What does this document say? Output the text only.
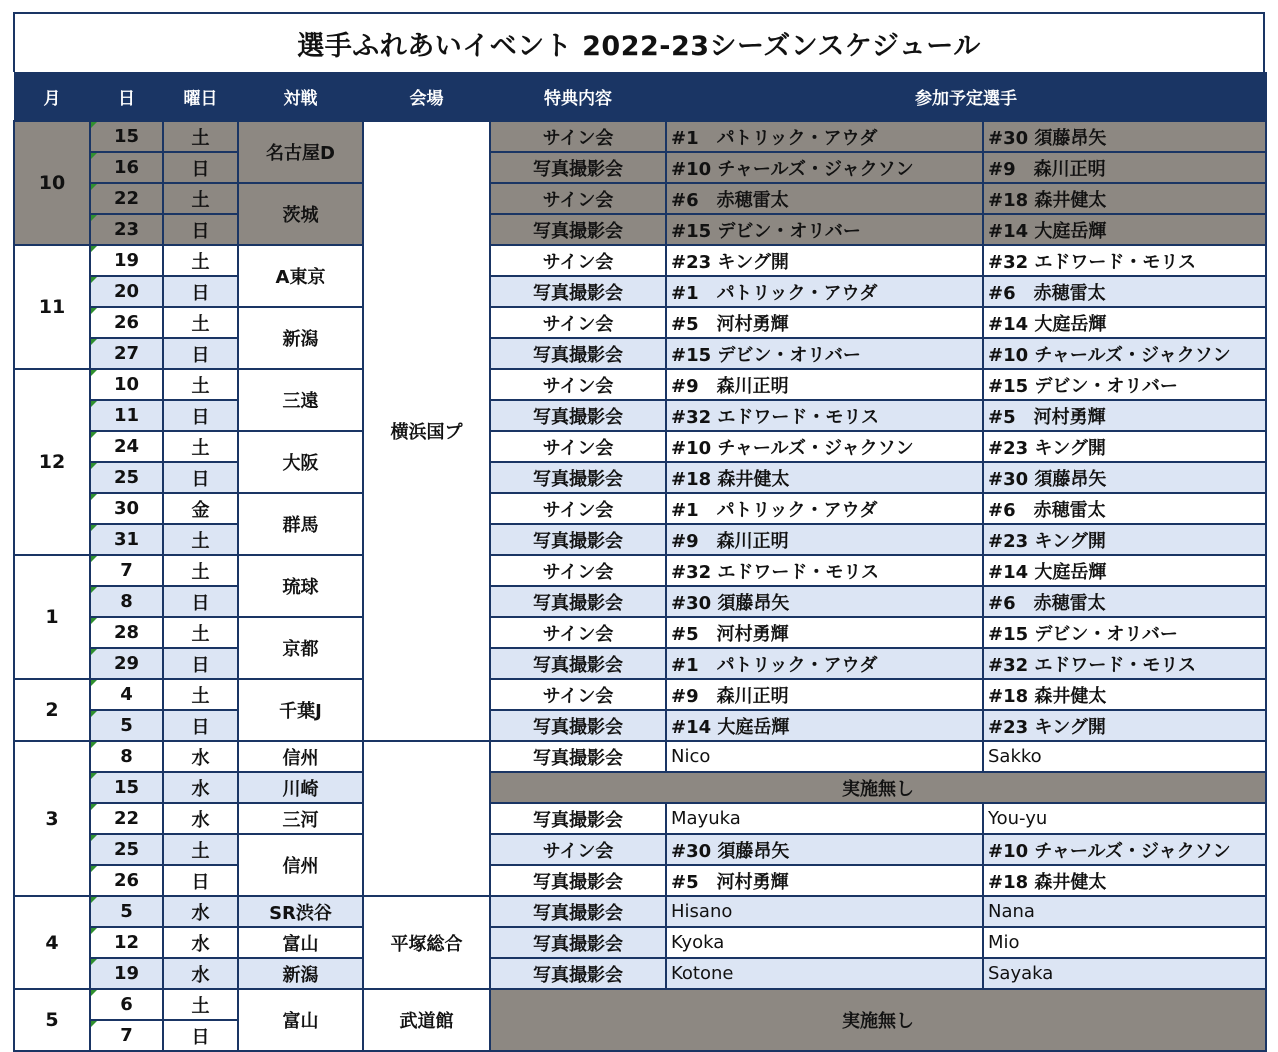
選手ふれあいイベント 2022-23シーズンスケジュール
月	日	曜日	対戦	会場	特典内容	参加予定選手	
10	15	土	名古屋D	横浜国プ	サイン会	#1　パトリック・アウダ	#30 須藤昂矢
	16	日			写真撮影会	#10 チャールズ・ジャクソン	#9　森川正明
	22	土	茨城		サイン会	#6　赤穂雷太	#18 森井健太
	23	日			写真撮影会	#15 デビン・オリバー	#14 大庭岳輝
11	19	土	A東京		サイン会	#23 キング開	#32 エドワード・モリス
	20	日			写真撮影会	#1　パトリック・アウダ	#6　赤穂雷太
	26	土	新潟		サイン会	#5　河村勇輝	#14 大庭岳輝
	27	日			写真撮影会	#15 デビン・オリバー	#10 チャールズ・ジャクソン
12	10	土	三遠		サイン会	#9　森川正明	#15 デビン・オリバー
	11	日			写真撮影会	#32 エドワード・モリス	#5　河村勇輝
	24	土	大阪		サイン会	#10 チャールズ・ジャクソン	#23 キング開
	25	日			写真撮影会	#18 森井健太	#30 須藤昂矢
	30	金	群馬		サイン会	#1　パトリック・アウダ	#6　赤穂雷太
	31	土			写真撮影会	#9　森川正明	#23 キング開
1	7	土	琉球		サイン会	#32 エドワード・モリス	#14 大庭岳輝
	8	日			写真撮影会	#30 須藤昂矢	#6　赤穂雷太
	28	土	京都		サイン会	#5　河村勇輝	#15 デビン・オリバー
	29	日			写真撮影会	#1　パトリック・アウダ	#32 エドワード・モリス
2	4	土	千葉J		サイン会	#9　森川正明	#18 森井健太
	5	日			写真撮影会	#14 大庭岳輝	#23 キング開
3	8	水	信州		写真撮影会	Nico	Sakko
	15	水	川崎		実施無し		
	22	水	三河		写真撮影会	Mayuka	You-yu
	25	土	信州		サイン会	#30 須藤昂矢	#10 チャールズ・ジャクソン
	26	日			写真撮影会	#5　河村勇輝	#18 森井健太
4	5	水	SR渋谷	平塚総合	写真撮影会	Hisano	Nana
	12	水	富山		写真撮影会	Kyoka	Mio
	19	水	新潟		写真撮影会	Kotone	Sayaka
5	6	土	富山	武道館	実施無し		
	7	日					
